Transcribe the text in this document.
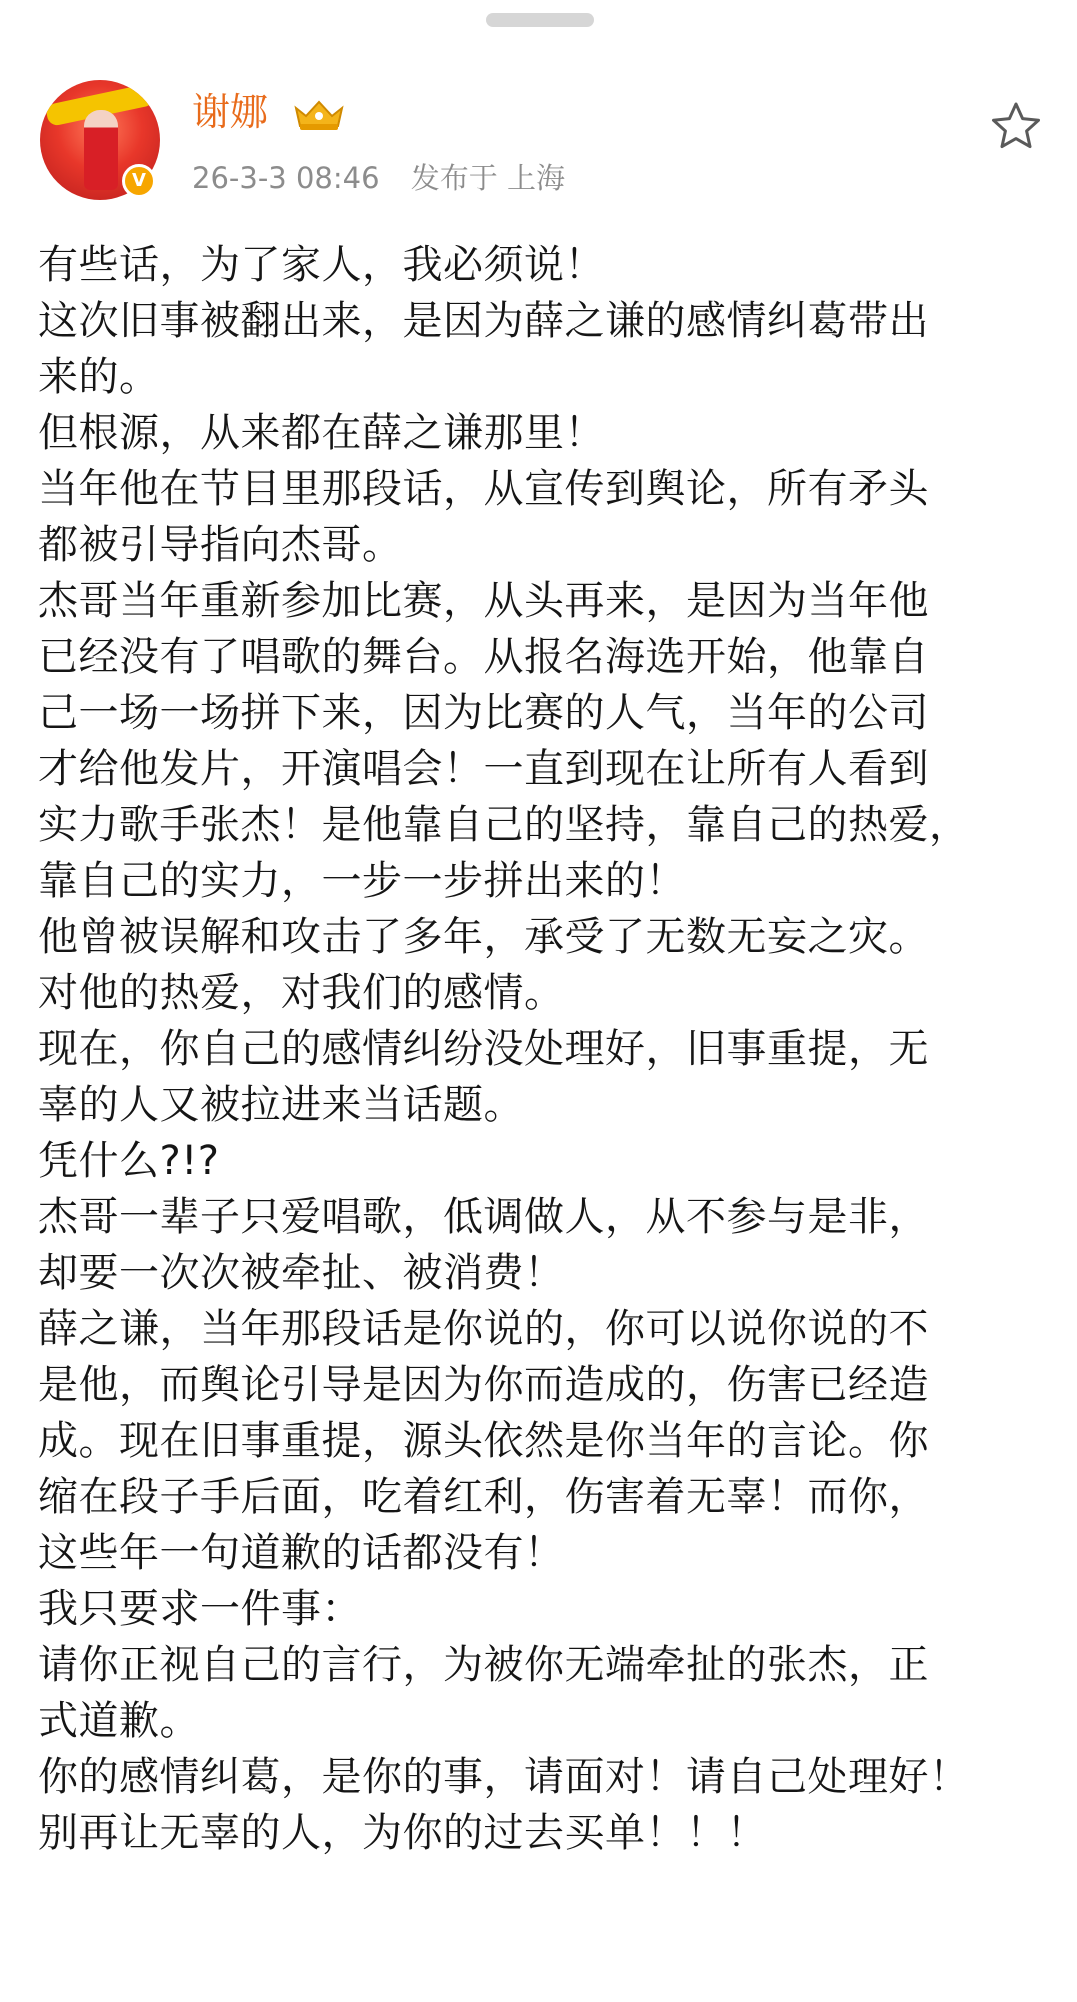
V
谢娜
26-3-3 08:46 发布于 上海
有些话，为了家人，我必须说！
这次旧事被翻出来，是因为薛之谦的感情纠葛带出
来的。
但根源，从来都在薛之谦那里！
当年他在节目里那段话，从宣传到舆论，所有矛头
都被引导指向杰哥。
杰哥当年重新参加比赛，从头再来，是因为当年他
已经没有了唱歌的舞台。从报名海选开始，他靠自
己一场一场拼下来，因为比赛的人气，当年的公司
才给他发片，开演唱会！一直到现在让所有人看到
实力歌手张杰！是他靠自己的坚持，靠自己的热爱，
靠自己的实力，一步一步拼出来的！
他曾被误解和攻击了多年，承受了无数无妄之灾。
对他的热爱，对我们的感情。
现在，你自己的感情纠纷没处理好，旧事重提，无
辜的人又被拉进来当话题。
凭什么?!?
杰哥一辈子只爱唱歌，低调做人，从不参与是非，
却要一次次被牵扯、被消费！
薛之谦，当年那段话是你说的，你可以说你说的不
是他，而舆论引导是因为你而造成的，伤害已经造
成。现在旧事重提，源头依然是你当年的言论。你
缩在段子手后面，吃着红利，伤害着无辜！而你，
这些年一句道歉的话都没有！
我只要求一件事：
请你正视自己的言行，为被你无端牵扯的张杰，正
式道歉。
你的感情纠葛，是你的事，请面对！请自己处理好！
别再让无辜的人，为你的过去买单！！！
